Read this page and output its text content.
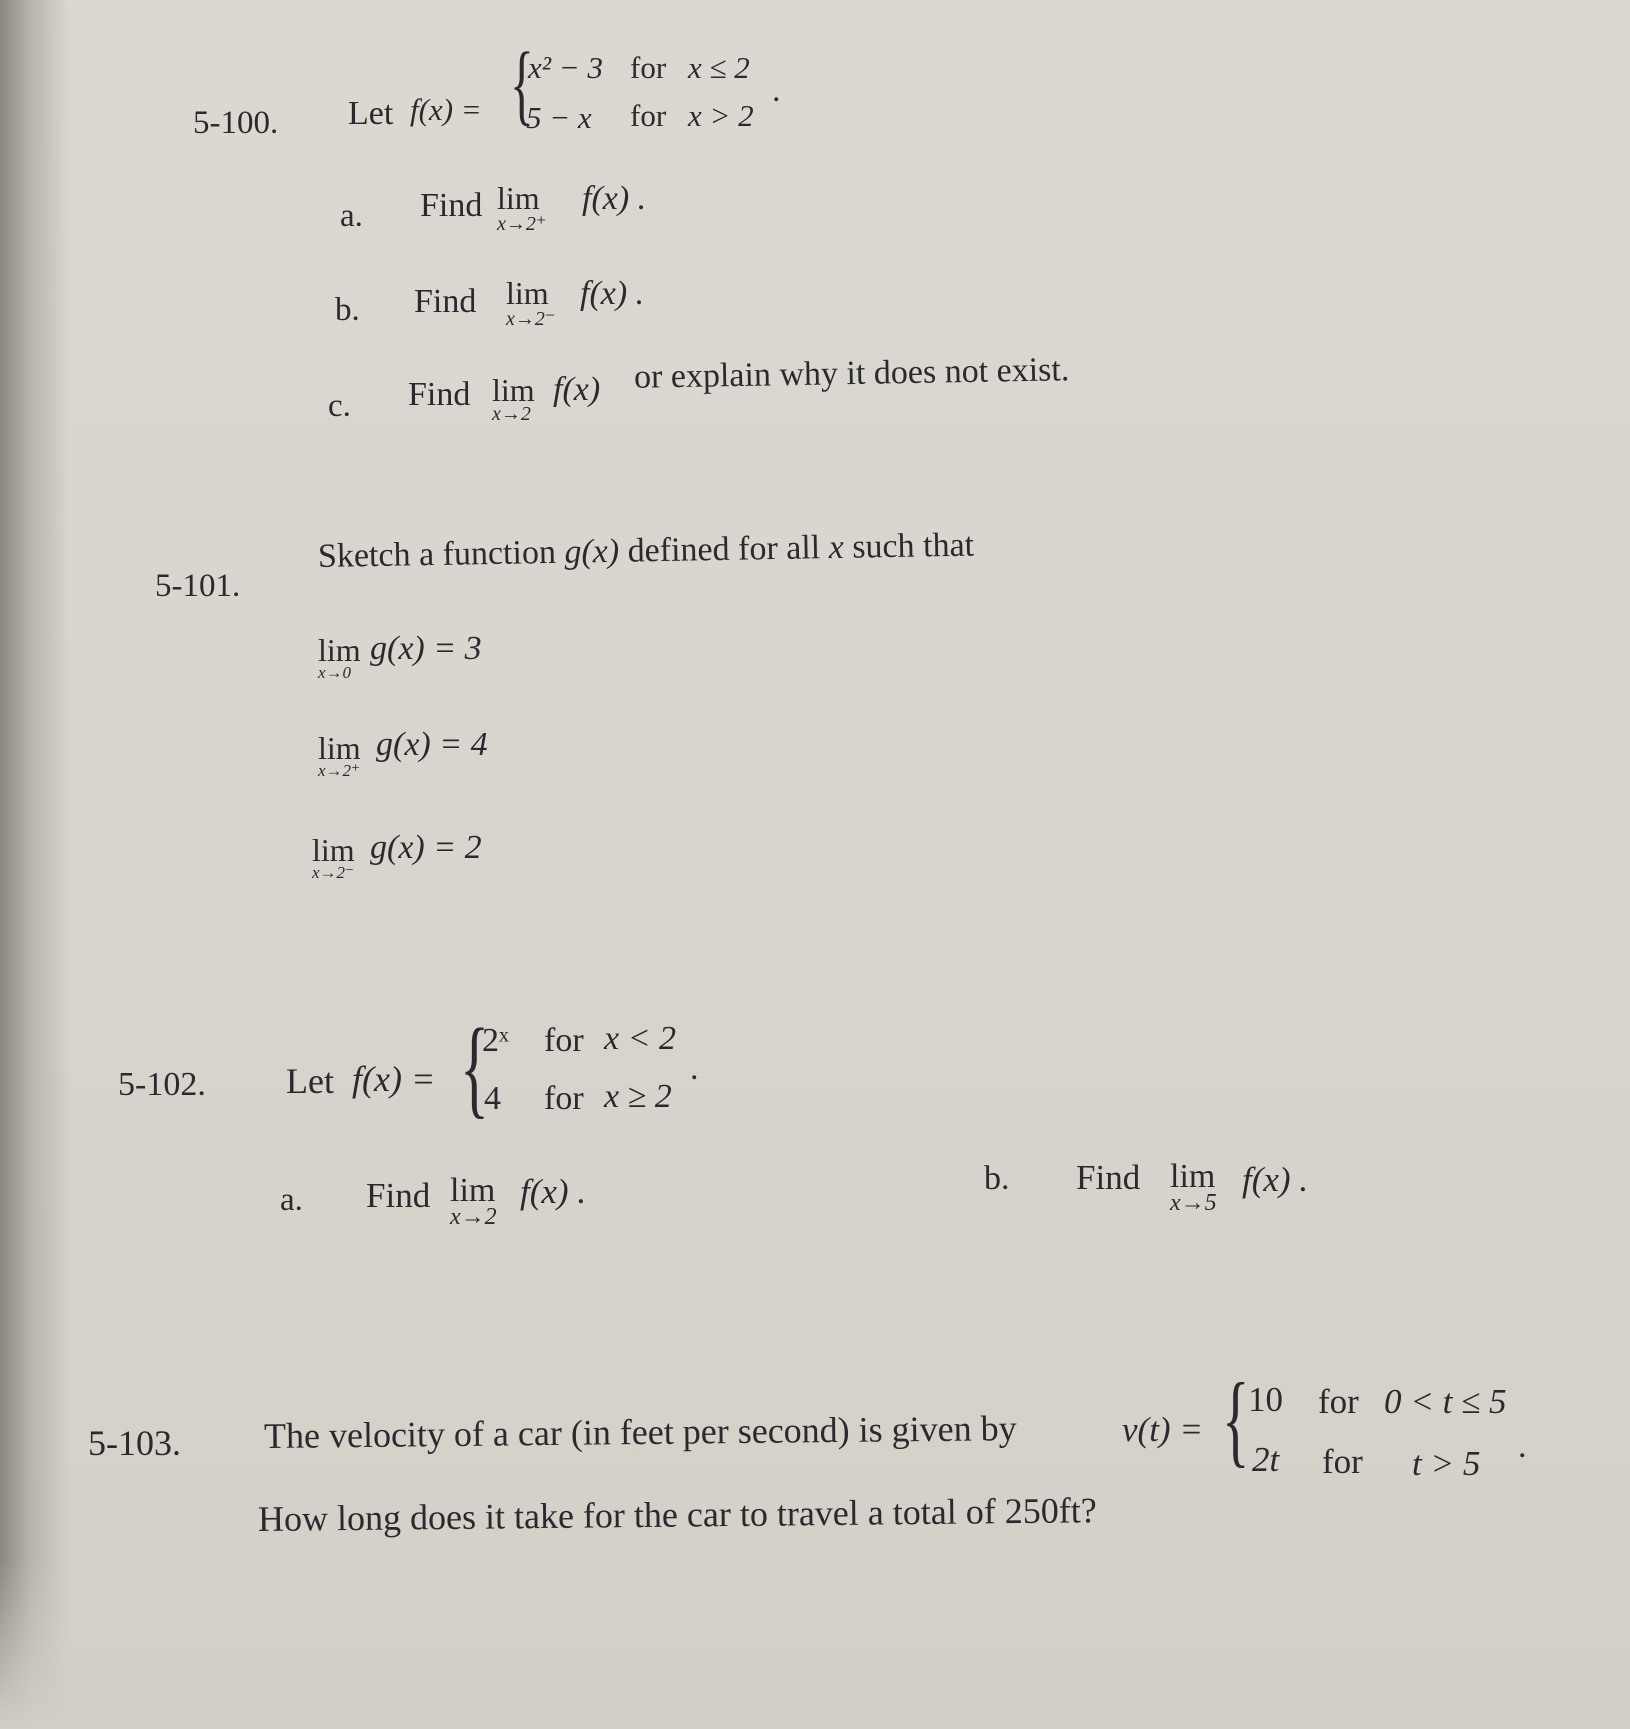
5-100. Let f(x) = {
x² − 3 for x ≤ 2
5 − x for x > 2
.
a. Find lim
x→2⁺
f(x) .
b. Find lim
x→2⁻
f(x) .
c. Find lim
x→2
f(x) or explain why it does not exist.
5-101.
Sketch a function g(x) defined for all x such that
lim
x→0
g(x) = 3
lim
x→2⁺
g(x) = 4
lim
x→2⁻
g(x) = 2
5-102. Let f(x) = {
2ˣ for x < 2
4 for x ≥ 2
.
a. Find lim
x→2
f(x) .	b. Find lim
x→5
f(x) .
5-103. The velocity of a car (in feet per second) is given by	v(t) = {
10 for 0 < t ≤ 5
2t for t > 5 .
How long does it take for the car to travel a total of 250ft?
